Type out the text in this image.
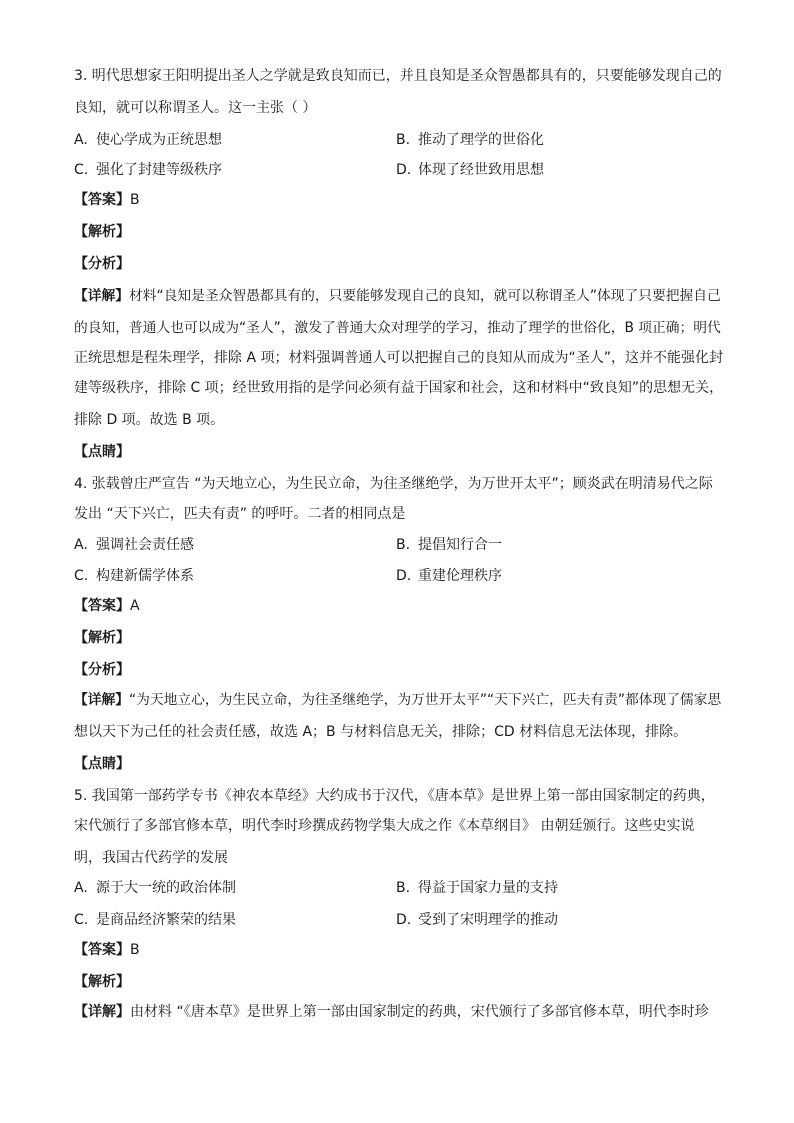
3. 明代思想家王阳明提出圣人之学就是致良知而已，并且良知是圣众智愚都具有的，只要能够发现自己的
良知，就可以称谓圣人。这一主张（ ）
A. 使心学成为正统思想	B. 推动了理学的世俗化
C. 强化了封建等级秩序	D. 体现了经世致用思想
【答案】B
【解析】
【分析】
【详解】材料“良知是圣众智愚都具有的，只要能够发现自己的良知，就可以称谓圣人”体现了只要把握自己
的良知，普通人也可以成为“圣人”，激发了普通大众对理学的学习，推动了理学的世俗化，B 项正确；明代
正统思想是程朱理学，排除 A 项；材料强调普通人可以把握自己的良知从而成为“圣人”，这并不能强化封
建等级秩序，排除 C 项；经世致用指的是学问必须有益于国家和社会，这和材料中“致良知”的思想无关，
排除 D 项。故选 B 项。
【点睛】
4. 张载曾庄严宣告 “为天地立心，为生民立命，为往圣继绝学，为万世开太平”；顾炎武在明清易代之际
发出 “天下兴亡，匹夫有责” 的呼吁。二者的相同点是
A. 强调社会责任感	B. 提倡知行合一
C. 构建新儒学体系	D. 重建伦理秩序
【答案】A
【解析】
【分析】
【详解】“为天地立心，为生民立命，为往圣继绝学，为万世开太平”“天下兴亡，匹夫有责”都体现了儒家思
想以天下为己任的社会责任感，故选 A；B 与材料信息无关，排除；CD 材料信息无法体现，排除。
【点睛】
5. 我国第一部药学专书《神农本草经》大约成书于汉代，《唐本草》是世界上第一部由国家制定的药典，
宋代颁行了多部官修本草，明代李时珍撰成药物学集大成之作《本草纲目》 由朝廷颁行。这些史实说
明，我国古代药学的发展
A. 源于大一统的政治体制	B. 得益于国家力量的支持
C. 是商品经济繁荣的结果	D. 受到了宋明理学的推动
【答案】B
【解析】
【详解】由材料 “《唐本草》是世界上第一部由国家制定的药典，宋代颁行了多部官修本草，明代李时珍
